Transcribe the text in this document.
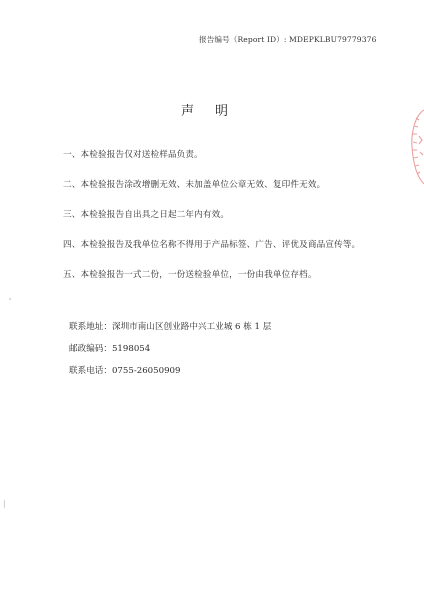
报告编号（Report ID）: MDEPKLBU79779376
声明
一、本检验报告仅对送检样品负责。
二、本检验报告涂改增删无效、未加盖单位公章无效、复印件无效。
三、本检验报告自出具之日起二年内有效。
四、本检验报告及我单位名称不得用于产品标签、广告、评优及商品宣传等。
五、本检验报告一式二份，一份送检验单位，一份由我单位存档。
联系地址：深圳市南山区创业路中兴工业城 6 栋 1 层
邮政编码：5198054
联系电话：0755-26050909
